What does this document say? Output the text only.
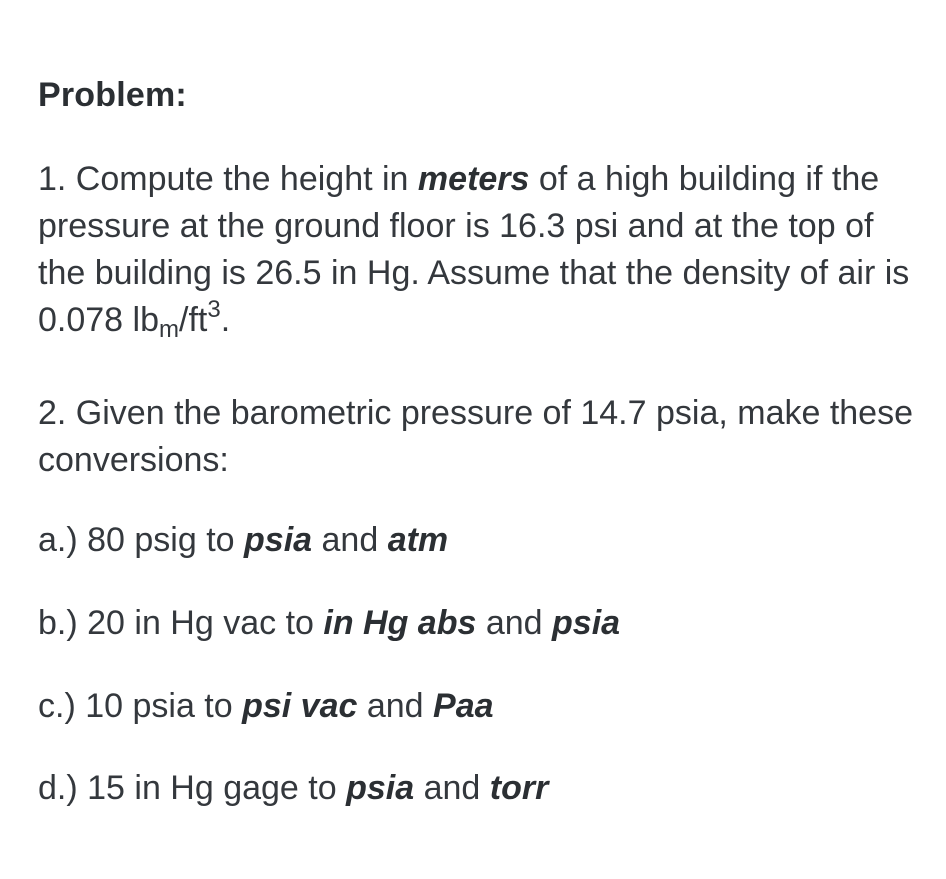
Problem:
1. Compute the height in meters of a high building if the pressure at the ground floor is 16.3 psi and at the top of the building is 26.5 in Hg. Assume that the density of air is 0.078 $lb_m/ft^3$.
2. Given the barometric pressure of 14.7 psia, make these conversions:
a.) 80 psig to psia and atm
b.) 20 in Hg vac to in Hg abs and psia
c.) 10 psia to psi vac and Paa
d.) 15 in Hg gage to psia and torr
